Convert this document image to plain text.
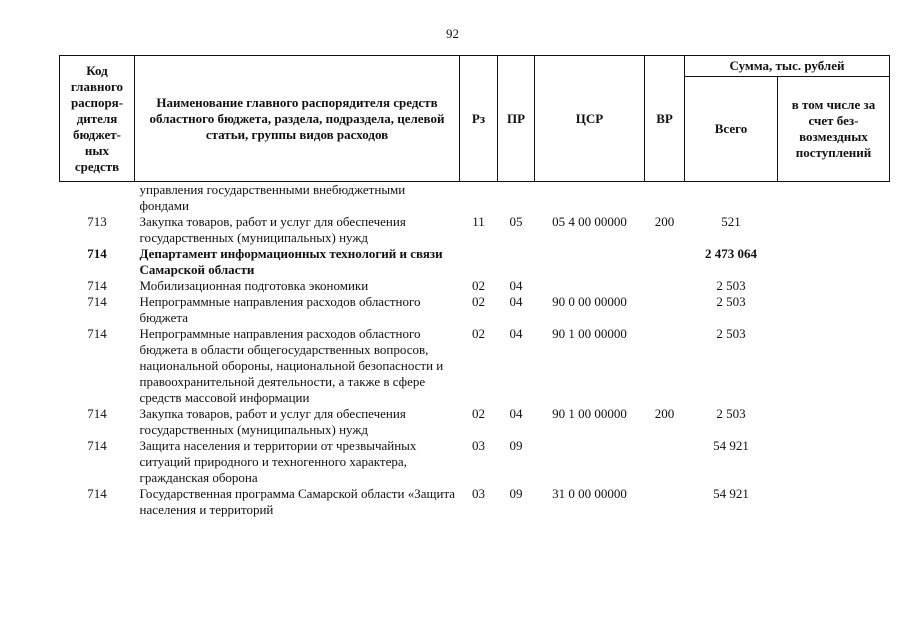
92
Код главного распоря-дителя бюджет-ных средств	Наименование главного распорядителя средств областного бюджета, раздела, подраздела, целевой статьи, группы видов расходов	Рз	ПР	ЦСР	ВР	Сумма, тыс. рублей	
						Всего	в том числе за счет без-возмездных поступлений
	управления государственными внебюджетными фондами						
713	Закупка товаров, работ и услуг для обеспечения государственных (муниципальных) нужд	11	05	05 4 00 00000	200	521	
714	Департамент информационных технологий и связи Самарской области					2 473 064	
714	Мобилизационная подготовка экономики	02	04			2 503	
714	Непрограммные направления расходов областного бюджета	02	04	90 0 00 00000		2 503	
714	Непрограммные направления расходов областного бюджета в области общегосударственных вопросов, национальной обороны, национальной безопасности и правоохранительной деятельности, а также в сфере средств массовой информации	02	04	90 1 00 00000		2 503	
714	Закупка товаров, работ и услуг для обеспечения государственных (муниципальных) нужд	02	04	90 1 00 00000	200	2 503	
714	Защита населения и территории от чрезвычайных ситуаций природного и техногенного характера, гражданская оборона	03	09			54 921	
714	Государственная программа Самарской области «Защита населения и территорий	03	09	31 0 00 00000		54 921	
